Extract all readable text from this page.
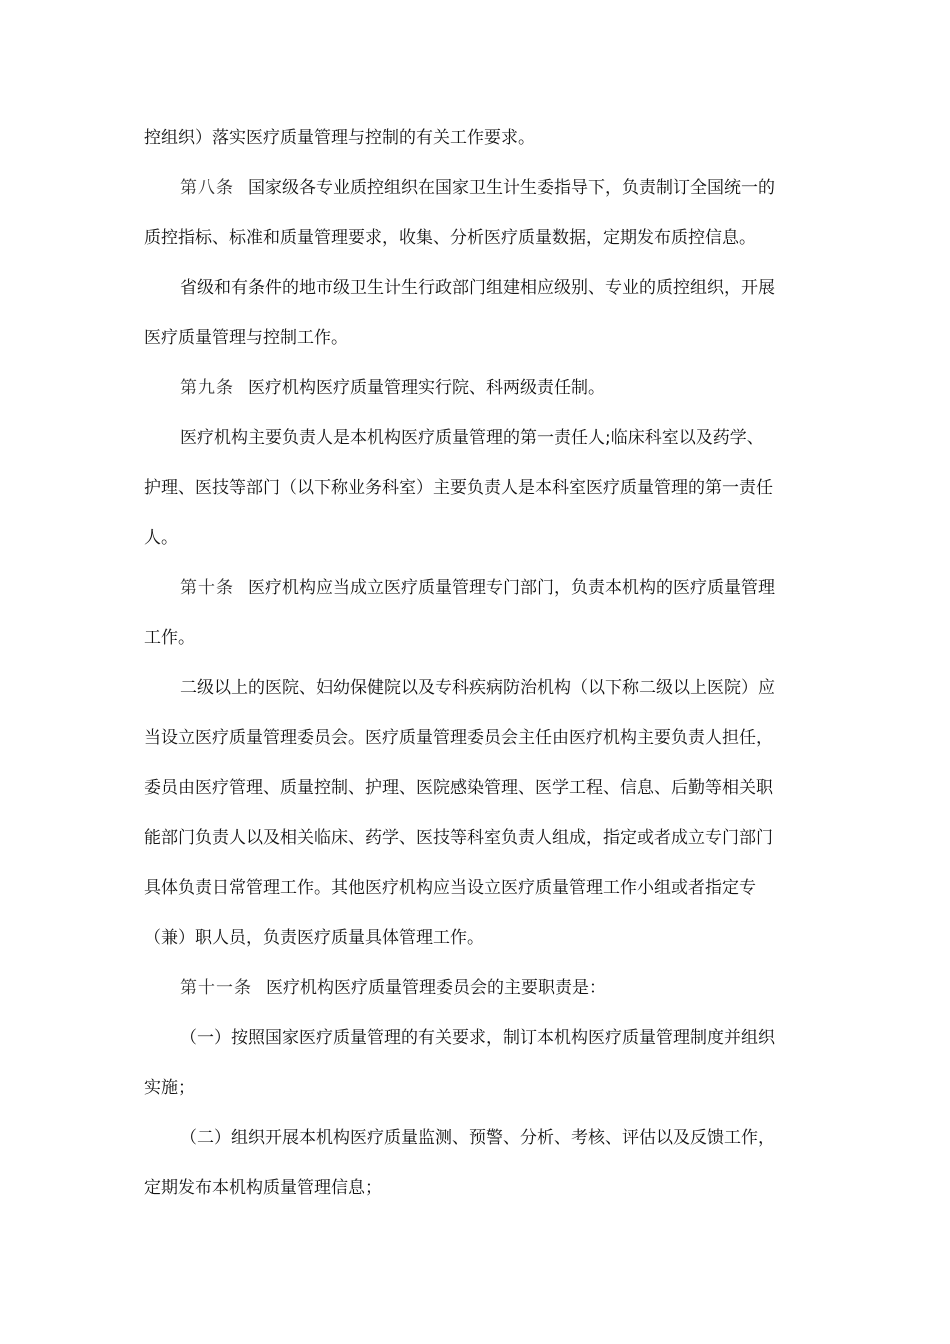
控组织）落实医疗质量管理与控制的有关工作要求。
第八条 国家级各专业质控组织在国家卫生计生委指导下，负责制订全国统一的
质控指标、标准和质量管理要求，收集、分析医疗质量数据，定期发布质控信息。
省级和有条件的地市级卫生计生行政部门组建相应级别、专业的质控组织，开展
医疗质量管理与控制工作。
第九条 医疗机构医疗质量管理实行院、科两级责任制。
医疗机构主要负责人是本机构医疗质量管理的第一责任人;临床科室以及药学、
护理、医技等部门（以下称业务科室）主要负责人是本科室医疗质量管理的第一责任
人。
第十条 医疗机构应当成立医疗质量管理专门部门，负责本机构的医疗质量管理
工作。
二级以上的医院、妇幼保健院以及专科疾病防治机构（以下称二级以上医院）应
当设立医疗质量管理委员会。医疗质量管理委员会主任由医疗机构主要负责人担任，
委员由医疗管理、质量控制、护理、医院感染管理、医学工程、信息、后勤等相关职
能部门负责人以及相关临床、药学、医技等科室负责人组成，指定或者成立专门部门
具体负责日常管理工作。其他医疗机构应当设立医疗质量管理工作小组或者指定专
（兼）职人员，负责医疗质量具体管理工作。
第十一条 医疗机构医疗质量管理委员会的主要职责是：
（一）按照国家医疗质量管理的有关要求，制订本机构医疗质量管理制度并组织
实施；
（二）组织开展本机构医疗质量监测、预警、分析、考核、评估以及反馈工作，
定期发布本机构质量管理信息；
